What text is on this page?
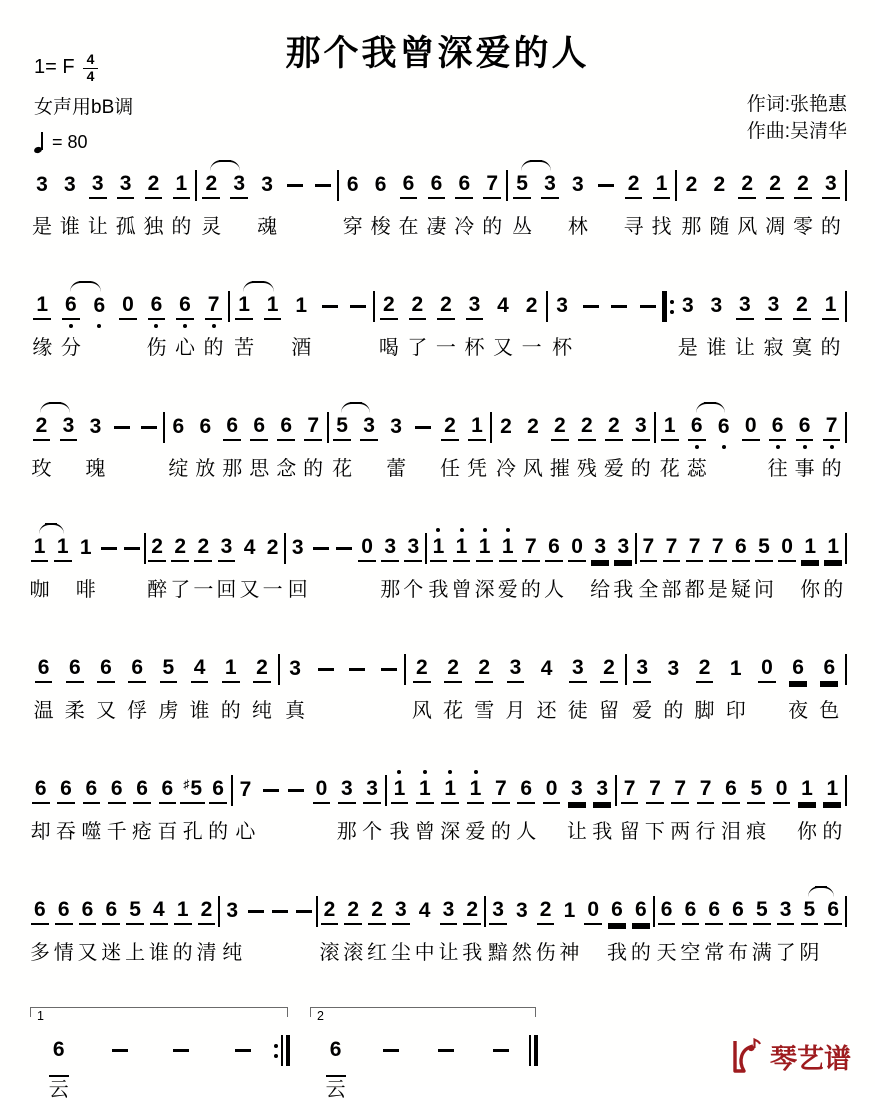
那个我曾深爱的人
1= F $\frac{4}{4}$
女声用bB调
= 80
作词:张艳惠
作曲:吴清华
3
是
3
谁
3
让
3
孤
2
独
1
的
2
灵
3 3
魂
6
穿
6
梭
6
在
6
凄
6
冷
7
的
5
丛
3 3
林
2
寻
1
找
2
那
2
随
2
风
2
凋
2
零
3
的
1
缘
6
分
6 0 6
伤
6
心
7
的
1
苦
1 1
酒
2
喝
2
了
2
一
3
杯
4
又
2
一
3
杯
3
是
3
谁
3
让
3
寂
2
寞
1
的
2
玫
3 3
瑰
6
绽
6
放
6
那
6
思
6
念
7
的
5
花
3 3
蕾
2
任
1
凭
2
冷
2
风
2
摧
2
残
2
爱
3
的
1
花
6
蕊
6 0 6
往
6
事
7
的
1
咖
1 1
啡
2
醉
2
了
2
一
3
回
4
又
2
一
3
回
0 3
那
3
个
1
我
1
曾
1
深
1
爱
7
的
6
人
0 3
给
3
我
7
全
7
部
7
都
7
是
6
疑
5
问
0 1
你
1
的
6
温
6
柔
6
又
6
俘
5
虏
4
谁
1
的
2
纯
3
真
2
风
2
花
2
雪
3
月
4
还
3
徒
2
留
3
爱
3
的
2
脚
1
印
0 6
夜
6
色
6
却
6
吞
6
噬
6
千
6
疮
6
百
♯5
孔
6
的
7
心
0 3
那
3
个
1
我
1
曾
1
深
1
爱
7
的
6
人
0 3
让
3
我
7
留
7
下
7
两
7
行
6
泪
5
痕
0 1
你
1
的
6
多
6
情
6
又
6
迷
5
上
4
谁
1
的
2
清
3
纯
2
滚
2
滚
2
红
3
尘
4
中
3
让
2
我
3
黯
3
然
2
伤
1
神
0 6
我
6
的
6
天
6
空
6
常
6
布
5
满
3
了
5
阴
6
1
6
云
2
6
云
琴艺谱
